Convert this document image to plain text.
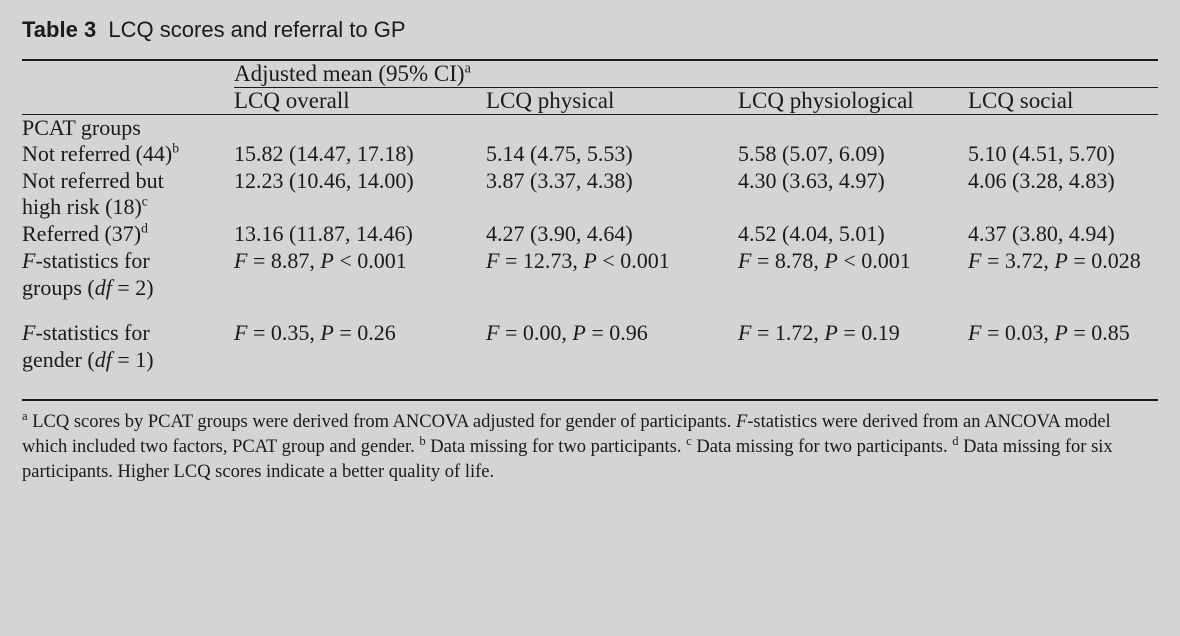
Table 3 LCQ scores and referral to GP
	Adjusted mean (95% CI)$^a$
	LCQ overall	LCQ physical	LCQ physiological	LCQ social
PCAT groups				
Not referred $(44)^b$	15.82 (14.47, 17.18)	5.14 (4.75, 5.53)	5.58 (5.07, 6.09)	5.10 (4.51, 5.70)
Not referred but
high risk $(18)^c$	12.23 (10.46, 14.00)	3.87 (3.37, 4.38)	4.30 (3.63, 4.97)	4.06 (3.28, 4.83)
Referred $(37)^d$	13.16 (11.87, 14.46)	4.27 (3.90, 4.64)	4.52 (4.04, 5.01)	4.37 (3.80, 4.94)
F-statistics for
groups (df = 2)	F = 8.87, P < 0.001	F = 12.73, P < 0.001	F = 8.78, P < 0.001	F = 3.72, P = 0.028
F-statistics for
gender (df = 1)	F = 0.35, P = 0.26	F = 0.00, P = 0.96	F = 1.72, P = 0.19	F = 0.03, P = 0.85

$^a$ LCQ scores by PCAT groups were derived from ANCOVA adjusted for gender of participants. F-statistics were derived from an ANCOVA model which included two factors, PCAT group and gender. $^b$ Data missing for two participants. $^c$ Data missing for two participants. $^d$ Data missing for six participants. Higher LCQ scores indicate a better quality of life.
